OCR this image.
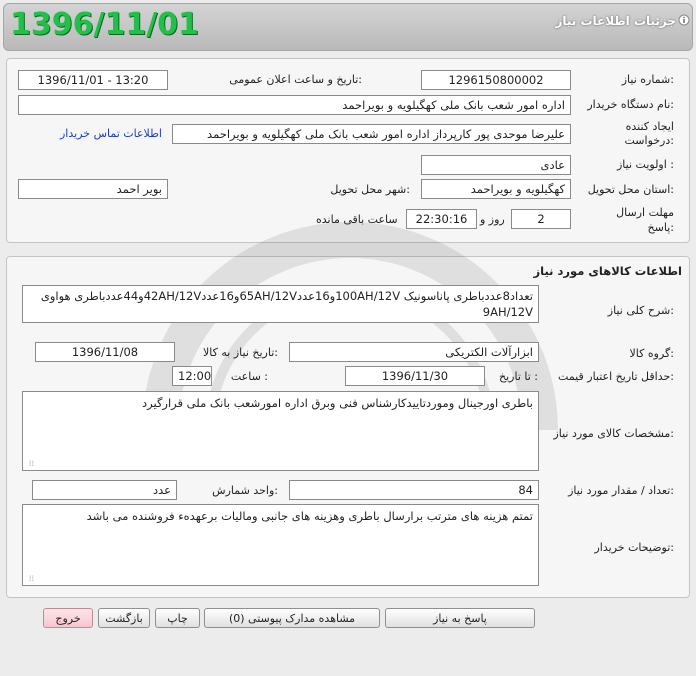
1396/11/01	جزئیات اطلاعات نیاز
شماره نیاز:
1296150800002
تاریخ و ساعت اعلان عمومی:
1396/11/01 - 13:20
نام دستگاه خریدار:
اداره امور شعب بانک ملی کهگیلویه و بویراحمد
ایجاد کننده
درخواست:
علیرضا موحدی پور کارپرداز اداره امور شعب بانک ملی کهگیلویه و بویراحمد
اطلاعات تماس خریدار
اولویت نیاز :
عادی
استان محل تحویل:
کهگیلویه و بویراحمد
شهر محل تحویل:
بویر احمد
مهلت ارسال
پاسخ:
2
روز و
22:30:16
ساعت باقی مانده
اطلاعات کالاهای مورد نیاز
شرح کلی نیاز:
تعداد8عددباطری پاناسونیک 100AH/12Vو16عدد65AH/12Vو16عدد42AH/12Vو44عددباطری هواوی 9AH/12V
گروه کالا:
ابزارآلات الکتریکی
تاریخ نیاز به کالا:
1396/11/08
حداقل تاریخ اعتبار قیمت:
تا تاریخ :
1396/11/30
ساعت :
12:00
مشخصات کالای مورد نیاز:
باطری اورجینال وموردتاییدکارشناس فنی وبرق اداره امورشعب بانک ملی قرارگیرد
⁞⁞
تعداد / مقدار مورد نیاز:
84
واحد شمارش:
عدد
توضیحات خریدار:
تمتم هزینه های مترتب برارسال باطری وهزینه های جانبی ومالیات برعهدهء فروشنده می باشد
⁞⁞
پاسخ به نیاز
مشاهده مدارک پیوستی (0)
چاپ
بازگشت
خروج
